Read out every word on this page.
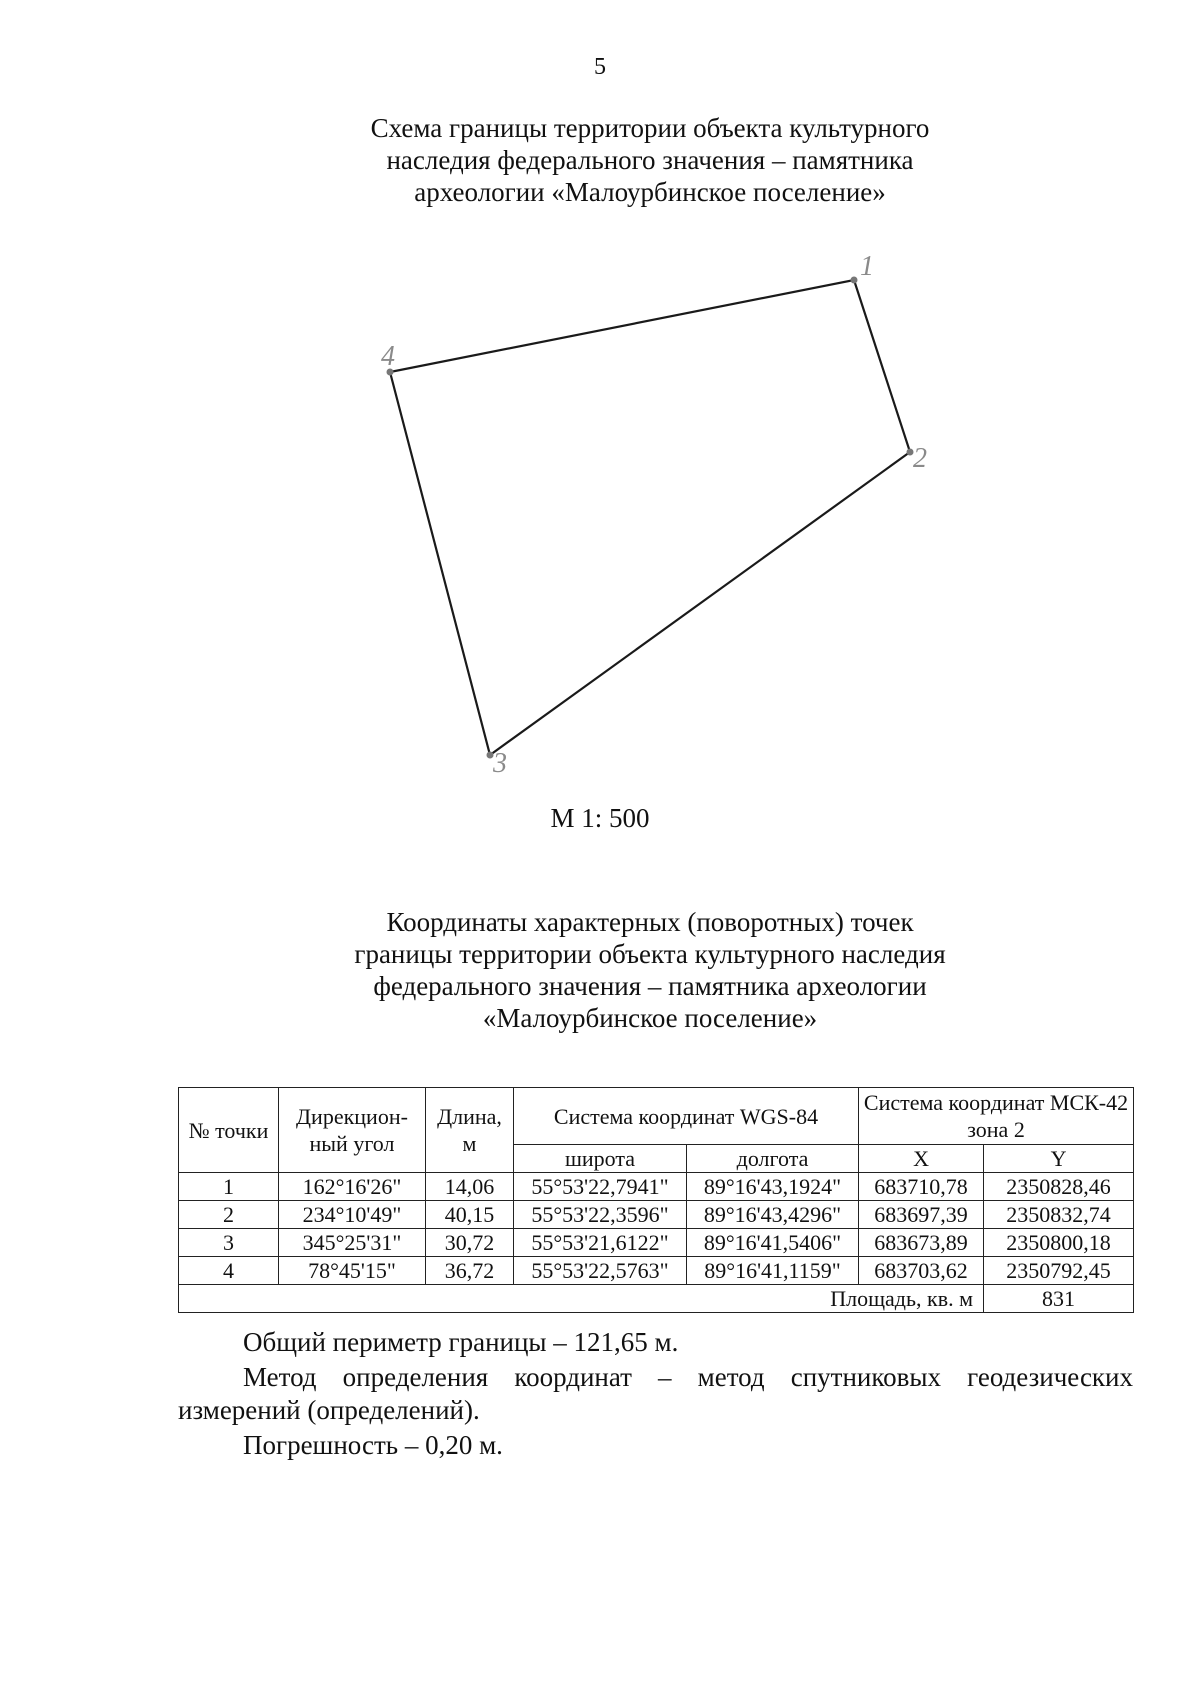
5
Схема границы территории объекта культурного
наследия федерального значения – памятника
археологии «Малоурбинское поселение»
1
2
3
4
М 1: 500
Координаты характерных (поворотных) точек
границы территории объекта культурного наследия
федерального значения – памятника археологии
«Малоурбинское поселение»
№ точки	Дирекцион-ный угол	Длина, м	Система координат WGS-84		Система координат МСК-42 зона 2	
			широта	долгота	X	Y
1	162°16'26"	14,06	55°53'22,7941"	89°16'43,1924"	683710,78	2350828,46
2	234°10'49"	40,15	55°53'22,3596"	89°16'43,4296"	683697,39	2350832,74
3	345°25'31"	30,72	55°53'21,6122"	89°16'41,5406"	683673,89	2350800,18
4	78°45'15"	36,72	55°53'22,5763"	89°16'41,1159"	683703,62	2350792,45
Площадь, кв. м						831
Общий периметр границы – 121,65 м.
Метод определения координат – метод спутниковых геодезических измерений (определений).
Погрешность – 0,20 м.
